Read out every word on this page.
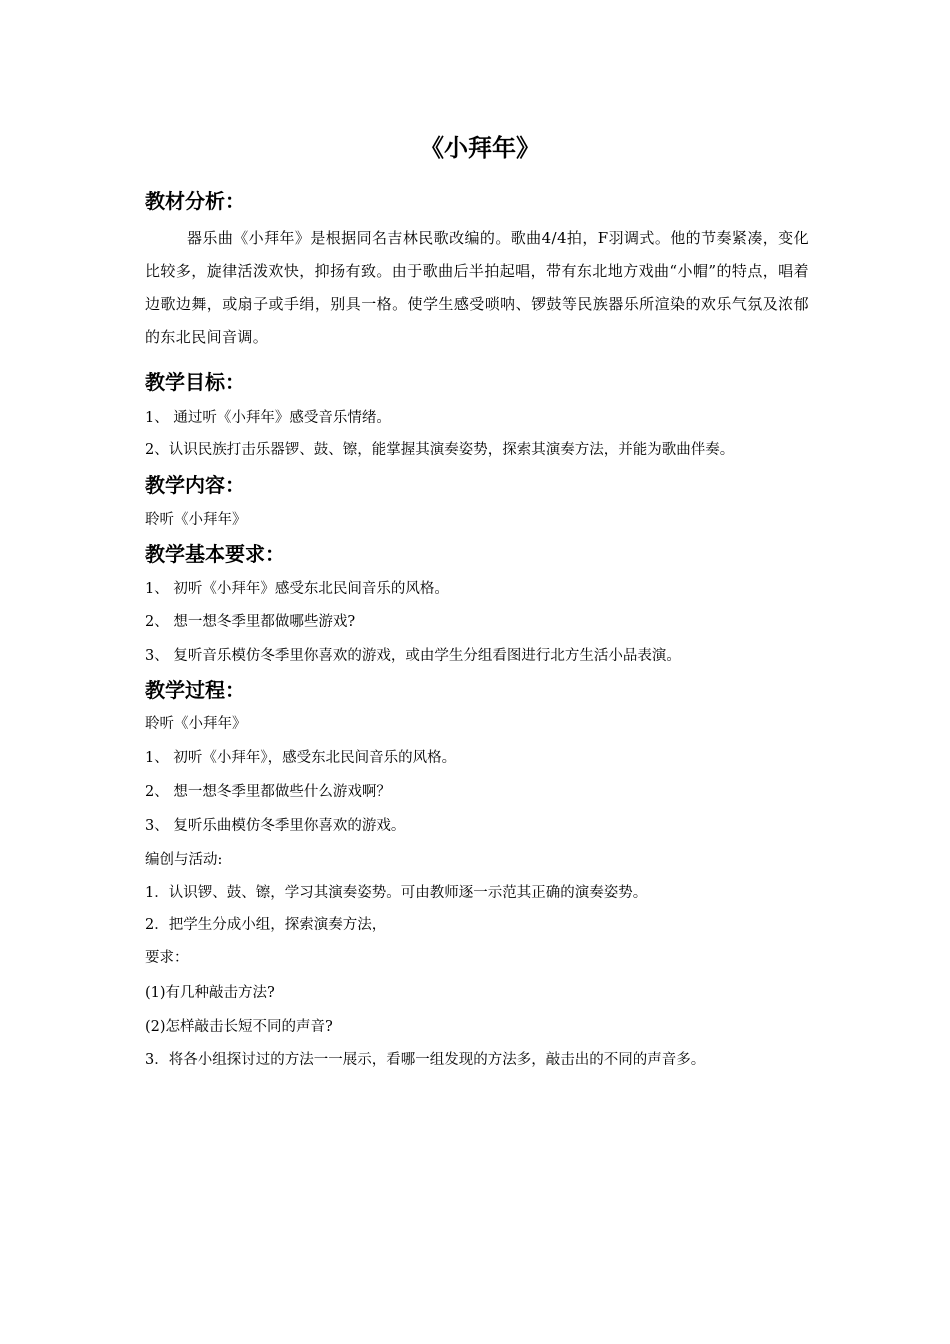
《小拜年》
教材分析：
器乐曲《小拜年》是根据同名吉林民歌改编的。歌曲4/4拍，F羽调式。他的节奏紧凑，变化比较多，旋律活泼欢快，抑扬有致。由于歌曲后半拍起唱，带有东北地方戏曲“小帽”的特点，唱着边歌边舞，或扇子或手绢，别具一格。使学生感受唢呐、锣鼓等民族器乐所渲染的欢乐气氛及浓郁的东北民间音调。
教学目标：
1、 通过听《小拜年》感受音乐情绪。
2、认识民族打击乐器锣、鼓、镲，能掌握其演奏姿势，探索其演奏方法，并能为歌曲伴奏。
教学内容：
聆听《小拜年》
教学基本要求：
1、 初听《小拜年》感受东北民间音乐的风格。
2、 想一想冬季里都做哪些游戏?
3、 复听音乐模仿冬季里你喜欢的游戏，或由学生分组看图进行北方生活小品表演。
教学过程：
聆听《小拜年》
1、 初听《小拜年》，感受东北民间音乐的风格。
2、 想一想冬季里都做些什么游戏啊？
3、 复听乐曲模仿冬季里你喜欢的游戏。
编创与活动:
1．认识锣、鼓、镲，学习其演奏姿势。可由教师逐一示范其正确的演奏姿势。
2．把学生分成小组，探索演奏方法，
要求：
(1)有几种敲击方法?
(2)怎样敲击长短不同的声音?
3．将各小组探讨过的方法一一展示，看哪一组发现的方法多，敲击出的不同的声音多。
